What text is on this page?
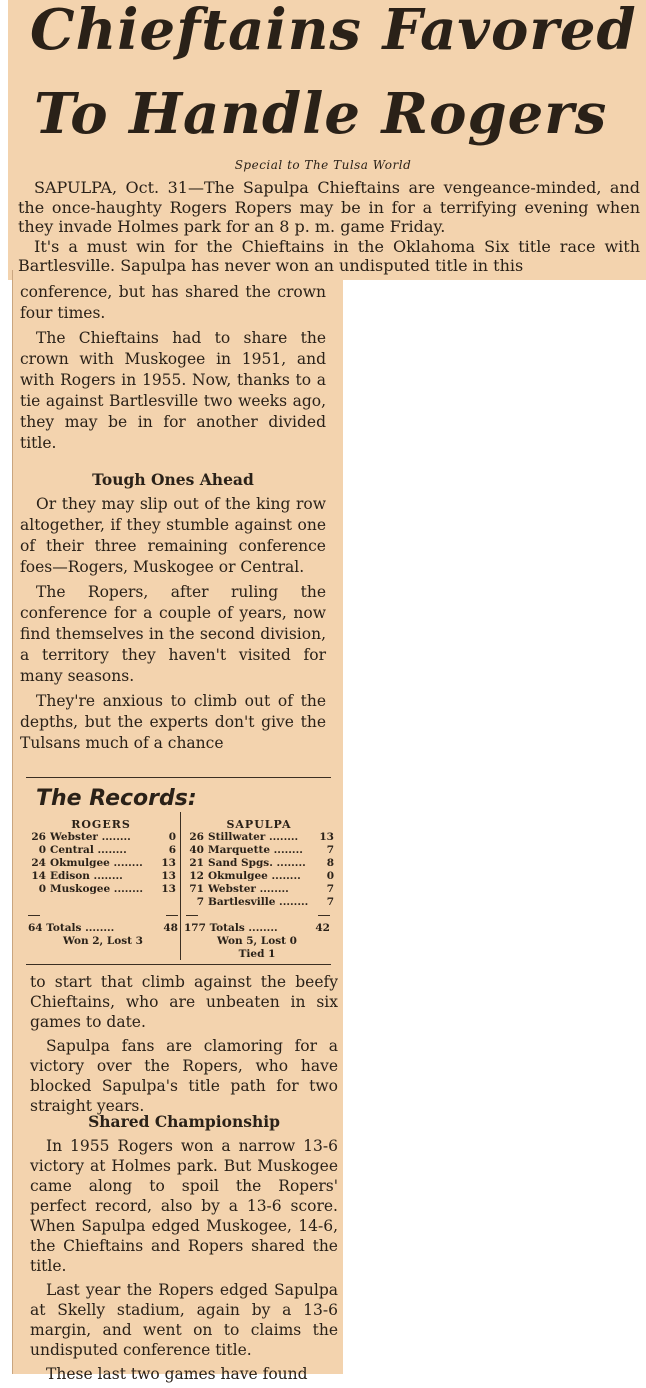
Chieftains Favored
To Handle Rogers
Special to The Tulsa World

SAPULPA, Oct. 31—The Sapulpa Chieftains are vengeance-minded, and the once-haughty Rogers Ropers may be in for a terrifying evening when they invade Holmes park for an 8 p. m. game Friday.

It's a must win for the Chieftains in the Oklahoma Six title race with Bartlesville. Sapulpa has never won an undisputed title in this

conference, but has shared the crown four times.

The Chieftains had to share the crown with Muskogee in 1951, and with Rogers in 1955. Now, thanks to a tie against Bartlesville two weeks ago, they may be in for another divided title.

Tough Ones Ahead

Or they may slip out of the king row altogether, if they stumble against one of their three remaining conference foes—Rogers, Muskogee or Central.

The Ropers, after ruling the conference for a couple of years, now find themselves in the second division, a territory they haven't visited for many seasons.

They're anxious to climb out of the depths, but the experts don't give the Tulsans much of a chance

The Records:
ROGERS
26 Webster ........	0
0 Central ........	6
24 Okmulgee ........	13
14 Edison ........	13
0 Muskogee ........	13
SAPULPA
26 Stillwater ........	13
40 Marquette ........	7
21 Sand Spgs. ........	8
12 Okmulgee ........	0
71 Webster ........	7
7 Bartlesville ........	7
64 Totals ........	48
Won 2, Lost 3
177 Totals ........	42
Won 5, Lost 0
Tied 1

to start that climb against the beefy Chieftains, who are unbeaten in six games to date.

Sapulpa fans are clamoring for a victory over the Ropers, who have blocked Sapulpa's title path for two straight years.

Shared Championship

In 1955 Rogers won a narrow 13-6 victory at Holmes park. But Muskogee came along to spoil the Ropers' perfect record, also by a 13-6 score. When Sapulpa edged Muskogee, 14-6, the Chieftains and Ropers shared the title.

Last year the Ropers edged Sapulpa at Skelly stadium, again by a 13-6 margin, and went on to claims the undisputed conference title.

These last two games have found
